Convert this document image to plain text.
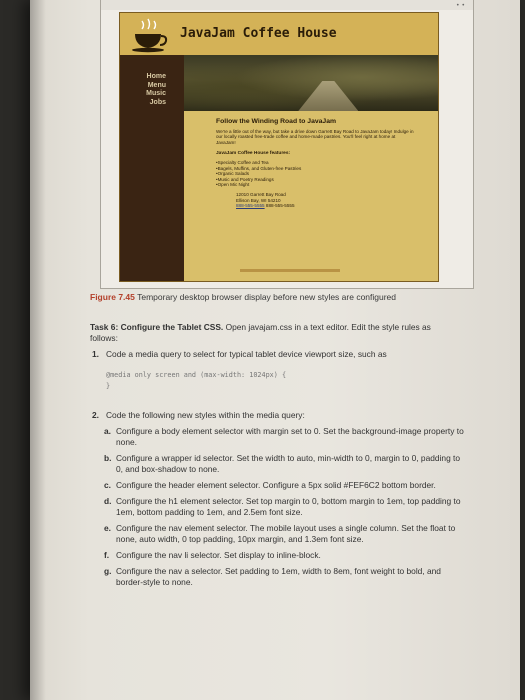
• •
JavaJam Coffee House
Home
Menu
Music
Jobs
Follow the Winding Road to JavaJam
We're a little out of the way, but take a drive down Garrett Bay Road to JavaJam today! Indulge in our locally roasted free-trade coffee and home-made pastries. You'll feel right at home at JavaJam!
JavaJam Coffee House features:
• Specialty Coffee and Tea
• Bagels, Muffins, and Gluten-free Pastries
• Organic Salads
• Music and Poetry Readings
• Open Mic Night
12010 Garrett Bay Road
Ellison Bay, WI 54210
888-555-5555 888-555-5555
Figure 7.45 Temporary desktop browser display before new styles are configured
Task 6: Configure the Tablet CSS. Open javajam.css in a text editor. Edit the style rules as follows:
1. Code a media query to select for typical tablet device viewport size, such as
@media only screen and (max-width: 1024px) {
}
2. Code the following new styles within the media query:
a. Configure a body element selector with margin set to 0. Set the background-image property to none.
b. Configure a wrapper id selector. Set the width to auto, min-width to 0, margin to 0, padding to 0, and box-shadow to none.
c. Configure the header element selector. Configure a 5px solid #FEF6C2 bottom border.
d. Configure the h1 element selector. Set top margin to 0, bottom margin to 1em, top padding to 1em, bottom padding to 1em, and 2.5em font size.
e. Configure the nav element selector. The mobile layout uses a single column. Set the float to none, auto width, 0 top padding, 10px margin, and 1.3em font size.
f. Configure the nav li selector. Set display to inline-block.
g. Configure the nav a selector. Set padding to 1em, width to 8em, font weight to bold, and border-style to none.
